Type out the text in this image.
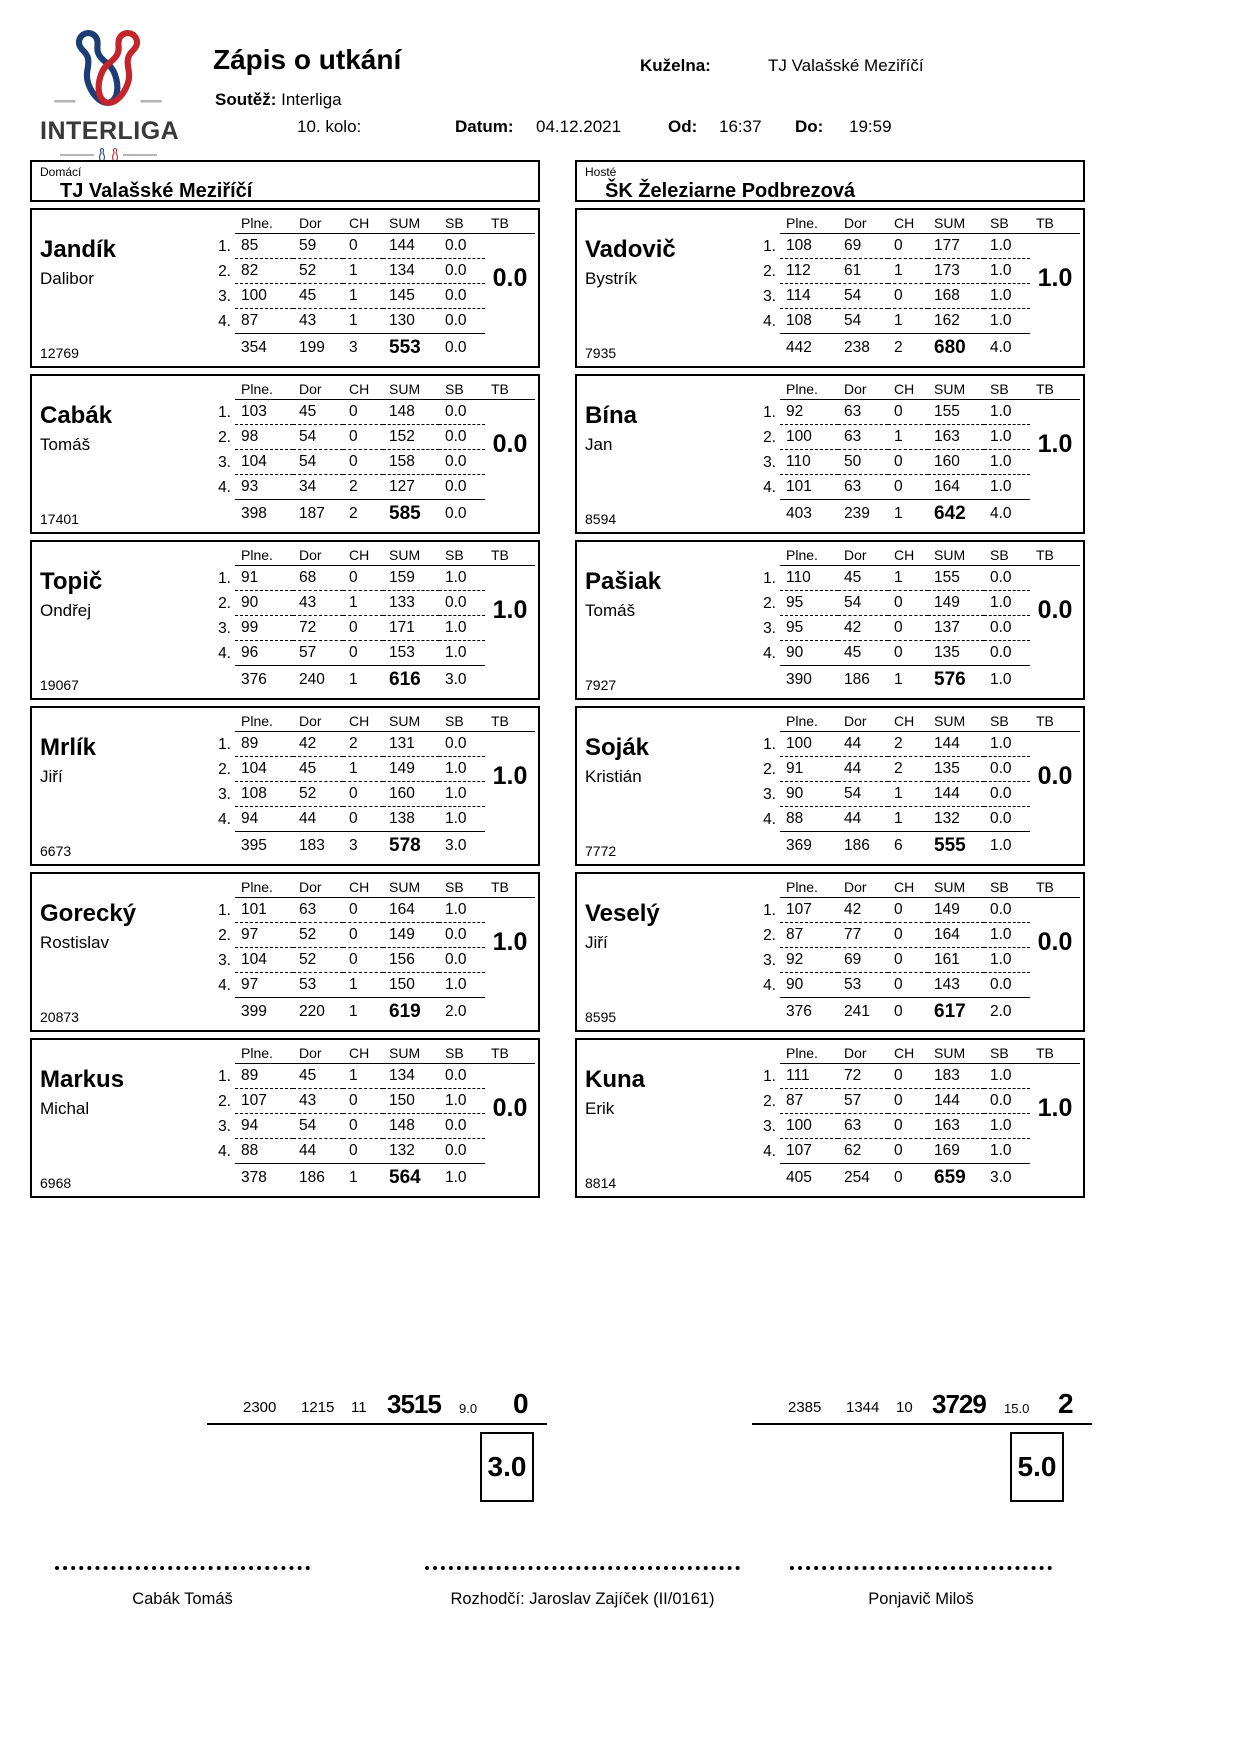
INTERLIGA
Zápis o utkání
Soutěž: Interliga
10. kolo:
Kuželna:	TJ Valašské Meziříčí
Datum: 04.12.2021	Od: 16:37 Do: 19:59
Domácí
TJ Valašské Meziříčí
Jandík
Dalibor
12769
Plne.	Dor	CH	SUM	SB	TB
1. 85	59	0	144	0.0
2. 82	52	1	134	0.0
3. 100	45	1	145	0.0
4. 87	43	1	130	0.0
354	199	3	553	0.0
0.0
Cabák
Tomáš
17401
Plne.	Dor	CH	SUM	SB	TB
1. 103	45	0	148	0.0
2. 98	54	0	152	0.0
3. 104	54	0	158	0.0
4. 93	34	2	127	0.0
398	187	2	585	0.0
0.0
Topič
Ondřej
19067
Plne.	Dor	CH	SUM	SB	TB
1. 91	68	0	159	1.0
2. 90	43	1	133	0.0
3. 99	72	0	171	1.0
4. 96	57	0	153	1.0
376	240	1	616	3.0
1.0
Mrlík
Jiří
6673
Plne.	Dor	CH	SUM	SB	TB
1. 89	42	2	131	0.0
2. 104	45	1	149	1.0
3. 108	52	0	160	1.0
4. 94	44	0	138	1.0
395	183	3	578	3.0
1.0
Gorecký
Rostislav
20873
Plne.	Dor	CH	SUM	SB	TB
1. 101	63	0	164	1.0
2. 97	52	0	149	0.0
3. 104	52	0	156	0.0
4. 97	53	1	150	1.0
399	220	1	619	2.0
1.0
Markus
Michal
6968
Plne.	Dor	CH	SUM	SB	TB
1. 89	45	1	134	0.0
2. 107	43	0	150	1.0
3. 94	54	0	148	0.0
4. 88	44	0	132	0.0
378	186	1	564	1.0
0.0
Hosté
ŠK Železiarne Podbrezová
Vadovič
Bystrík
7935
Plne.	Dor	CH	SUM	SB	TB
1. 108	69	0	177	1.0
2. 112	61	1	173	1.0
3. 114	54	0	168	1.0
4. 108	54	1	162	1.0
442	238	2	680	4.0
1.0
Bína
Jan
8594
Plne.	Dor	CH	SUM	SB	TB
1. 92	63	0	155	1.0
2. 100	63	1	163	1.0
3. 110	50	0	160	1.0
4. 101	63	0	164	1.0
403	239	1	642	4.0
1.0
Pašiak
Tomáš
7927
Plne.	Dor	CH	SUM	SB	TB
1. 110	45	1	155	0.0
2. 95	54	0	149	1.0
3. 95	42	0	137	0.0
4. 90	45	0	135	0.0
390	186	1	576	1.0
0.0
Soják
Kristián
7772
Plne.	Dor	CH	SUM	SB	TB
1. 100	44	2	144	1.0
2. 91	44	2	135	0.0
3. 90	54	1	144	0.0
4. 88	44	1	132	0.0
369	186	6	555	1.0
0.0
Veselý
Jiří
8595
Plne.	Dor	CH	SUM	SB	TB
1. 107	42	0	149	0.0
2. 87	77	0	164	1.0
3. 92	69	0	161	1.0
4. 90	53	0	143	0.0
376	241	0	617	2.0
0.0
Kuna
Erik
8814
Plne.	Dor	CH	SUM	SB	TB
1. 111	72	0	183	1.0
2. 87	57	0	144	0.0
3. 100	63	0	163	1.0
4. 107	62	0	169	1.0
405	254	0	659	3.0
1.0
2300	1215	11 3515	9.0	0	2385	1344	10 3729	15.0	2
3.0	5.0
Cabák Tomáš	Rozhodčí: Jaroslav Zajíček (II/0161)	Ponjavič Miloš
